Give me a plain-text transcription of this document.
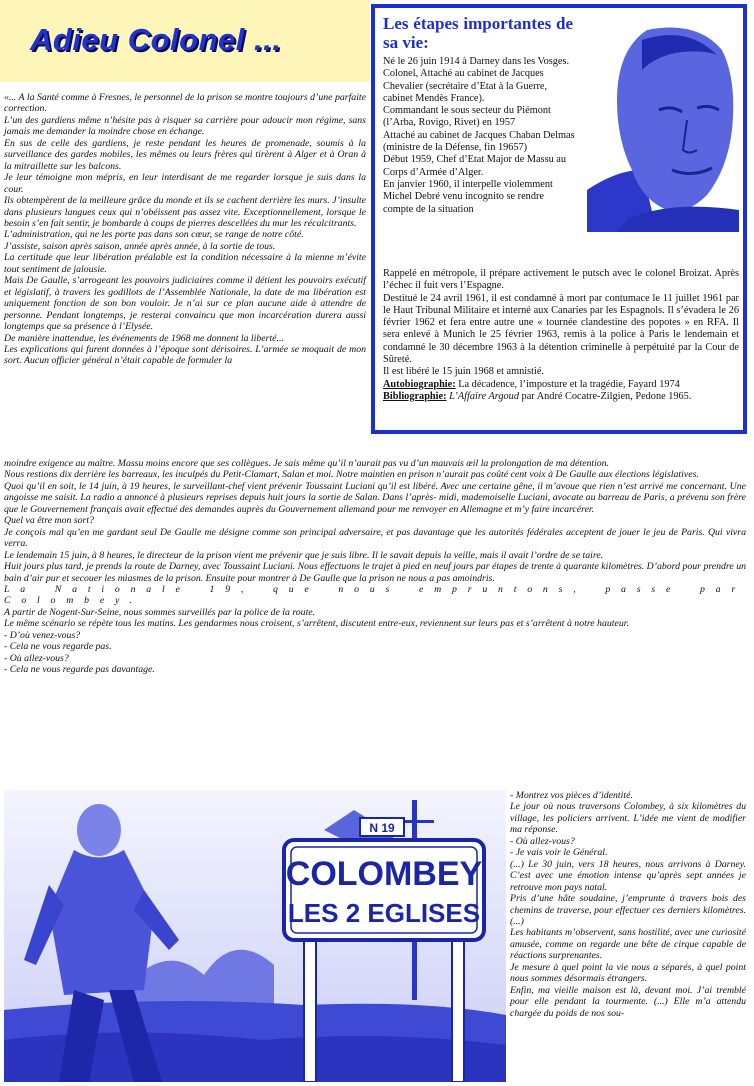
Adieu Colonel ...	Les étapes importantes de sa vie:

Né le 26 juin 1914 à Darney dans les Vosges.

Colonel, Attaché au cabinet de Jacques Chevalier (secrétaire d’Etat à la Guerre, cabinet Mendès France).

Commandant le sous secteur du Piémont (l’Arba, Rovigo, Rivet) en 1957

Attaché au cabinet de Jacques Chaban Delmas (ministre de la Défense, fin 19657)

Début 1959, Chef d’Etat Major de Massu au Corps d’Armée d’Alger.

En janvier 1960, il interpelle violemment Michel Debré venu incognito se rendre compte de la situation

Rappelé en métropole, il prépare activement le putsch avec le colonel Broizat. Après l’échec il fuit vers l’Espagne.

Destitué le 24 avril 1961, il est condamné à mort par contumace le 11 juillet 1961 par le Haut Tribunal Militaire et interné aux Canaries par les Espagnols. Il s’évadera le 26 février 1962 et fera entre autre une « tournée clandestine des popotes » en RFA. Il sera enlevé à Munich le 25 février 1963, remis à la police à Paris le lendemain et condamné le 30 décembre 1963 à la détention criminelle à perpétuité par la Cour de Sûreté.

Il est libéré le 15 juin 1968 et amnistié.

Autobiographie: La décadence, l’imposture et la tragédie, Fayard 1974

Bibliographie: L’Affaire Argoud par André Cocatre-Zilgien, Pedone 1965.

«... A la Santé comme à Fresnes, le personnel de la prison se montre toujours d’une parfaite correction.

L’un des gardiens même n’hésite pas à risquer sa carrière pour adoucir mon régime, sans jamais me demander la moindre chose en échange.

En sus de celle des gardiens, je reste pendant les heures de promenade, soumis à la surveillance des gardes mobiles, les mêmes ou leurs frères qui tirèrent à Alger et à Oran à la mitraillette sur les balcons.

Je leur témoigne mon mépris, en leur interdisant de me regarder lorsque je suis dans la cour.

Ils obtempèrent de la meilleure grâce du monde et ils se cachent derrière les murs. J’insulte dans plusieurs langues ceux qui n’obéissent pas assez vite. Exceptionnellement, lorsque le besoin s’en fait sentir, je bombarde à coups de pierres descellées du mur les récalcitrants.

L’administration, qui ne les porte pas dans son cœur, se range de notre côté.

J’assiste, saison après saison, année après année, à la sortie de tous.

La certitude que leur libération préalable est la condition nécessaire à la mienne m’évite tout sentiment de jalousie.

Mais De Gaulle, s’arrogeant les pouvoirs judiciaires comme il détient les pouvoirs exécutif et législatif, à travers les godillots de l’Assemblée Nationale, la date de ma libération est uniquement fonction de son bon vouloir. Je n’ai sur ce plan aucune aide à attendre de personne. Pendant longtemps, je resterai convaincu que mon incarcération durera aussi longtemps que sa présence à l’Elysée.

De manière inattendue, les événements de 1968 me donnent la liberté...

Les explications qui furent données à l’époque sont dérisoires. L’armée se moquait de mon sort. Aucun officier général n’était capable de formuler la

moindre exigence au maître. Massu moins encore que ses collègues. Je sais même qu’il n’aurait pas vu d’un mauvais œil la prolongation de ma détention.

Nous restions dix derrière les barreaux, les inculpés du Petit-Clamart, Salan et moi. Notre maintien en prison n’aurait pas coûté cent voix à De Gaulle aux élections législatives.

Quoi qu’il en soit, le 14 juin, à 19 heures, le surveillant-chef vient prévenir Toussaint Luciani qu’il est libéré. Avec une certaine gêne, il m’avoue que rien n’est arrivé me concernant. Une angoisse me saisit. La radio a annoncé à plusieurs reprises depuis huit jours la sortie de Salan. Dans l’après- midi, mademoiselle Luciani, avocate au barreau de Paris, a prévenu son frère que le Gouvernement français avait effectué des demandes auprès du Gouvernement allemand pour me renvoyer en Allemagne et m’y faire incarcérer.

Quel va être mon sort?

Je conçois mal qu’en me gardant seul De Gaulle me désigne comme son principal adversaire, et pas davantage que les autorités fédérales acceptent de jouer le jeu de Paris. Qui vivra verra.

Le lendemain 15 juin, à 8 heures, le directeur de la prison vient me prévenir que je suis libre. Il le savait depuis la veille, mais il avait l’ordre de se taire.

Huit jours plus tard, je prends la route de Darney, avec Toussaint Luciani. Nous effectuons le trajet à pied en neuf jours par étapes de trente à quarante kilomètres. D’abord pour prendre un bain d’air pur et secouer les miasmes de la prison. Ensuite pour montrer à De Gaulle que la prison ne nous a pas amoindris.

La Nationale 19, que nous empruntons, passe par Colombey.

A partir de Nogent-Sur-Seine, nous sommes surveillés par la police de la route.

Le même scénario se répète tous les matins. Les gendarmes nous croisent, s’arrêtent, discutent entre-eux, reviennent sur leurs pas et s’arrêtent à notre hauteur.

- D’où venez-vous?

- Cela ne vous regarde pas.

- Où allez-vous?

- Cela ne vous regarde pas davantage.

N 19
COLOMBEY
LES 2 EGLISES

- Montrez vos pièces d’identité.

Le jour où nous traversons Colombey, à six kilomètres du village, les policiers arrivent. L’idée me vient de modifier ma réponse.

- Où allez-vous?

- Je vais voir le Général.

(...) Le 30 juin, vers 18 heures, nous arrivons à Darney. C’est avec une émotion intense qu’après sept années je retrouve mon pays natal.

Pris d’une hâte soudaine, j’emprunte à travers bois des chemins de traverse, pour effectuer ces derniers kilomètres. (...)

Les habitants m’observent, sans hostilité, avec une curiosité amusée, comme on regarde une bête de cirque capable de réactions surprenantes.

Je mesure à quel point la vie nous a séparés, à quel point nous sommes désormais étrangers.

Enfin, ma vieille maison est là, devant moi. J’ai tremblé pour elle pendant la tourmente. (...) Elle m’a attendu chargée du poids de nos sou-
